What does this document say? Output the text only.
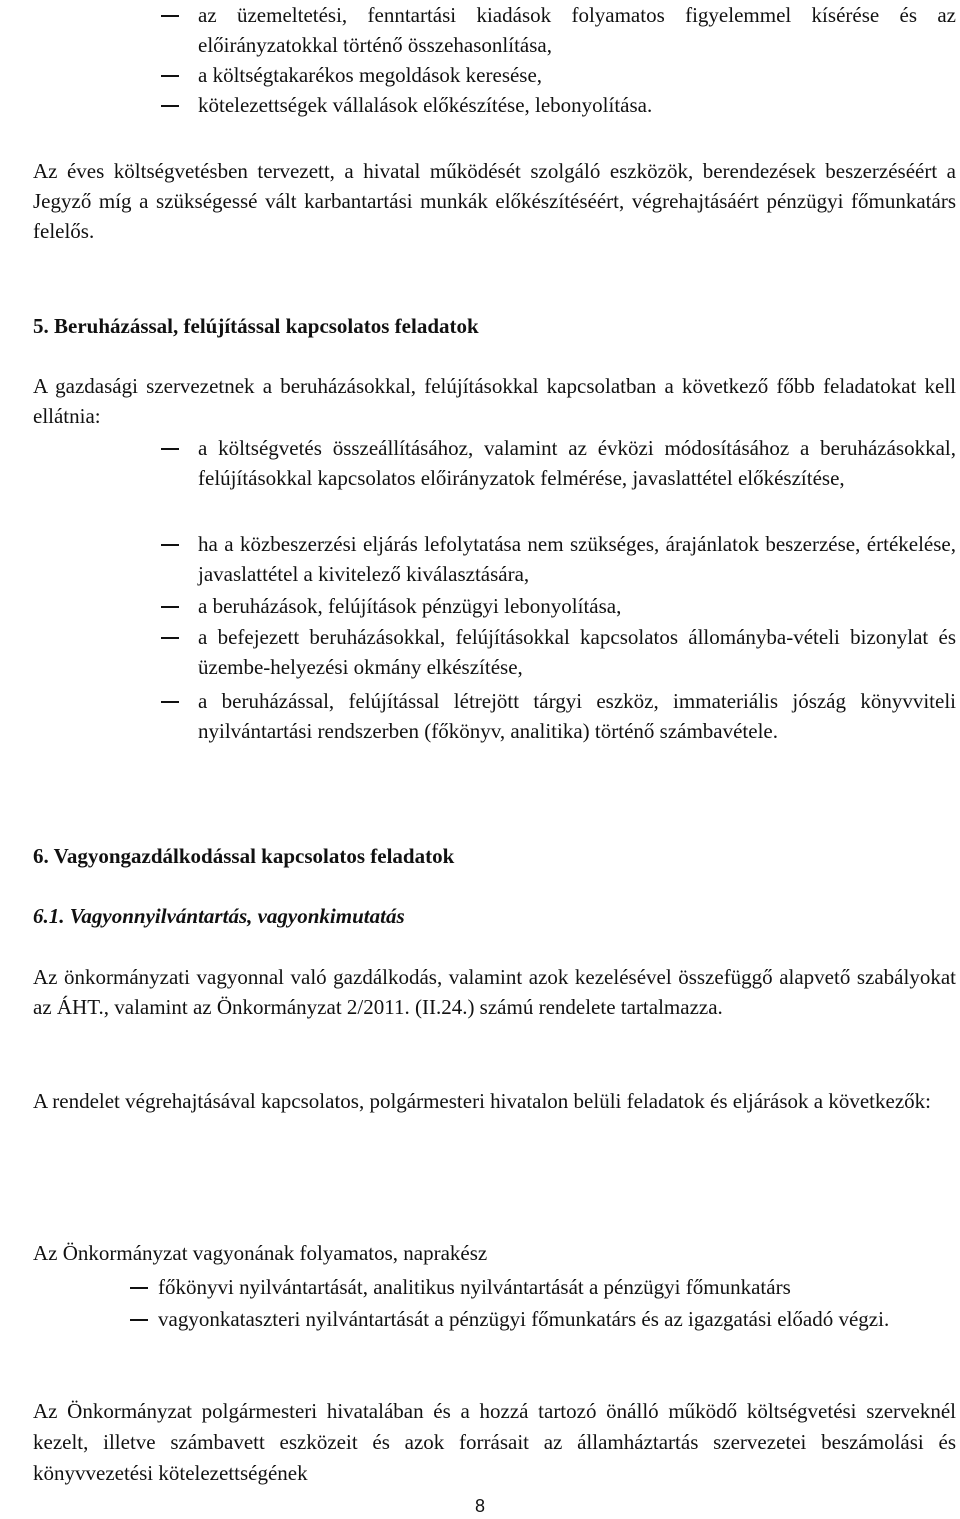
az üzemeltetési, fenntartási kiadások folyamatos figyelemmel kísérése és az előirányzatokkal történő összehasonlítása,
a költségtakarékos megoldások keresése,
kötelezettségek vállalások előkészítése, lebonyolítása.

Az éves költségvetésben tervezett, a hivatal működését szolgáló eszközök, berendezések beszerzéséért a Jegyző míg a szükségessé vált karbantartási munkák előkészítéséért, végrehajtásáért pénzügyi főmunkatárs felelős.

5. Beruházással, felújítással kapcsolatos feladatok

A gazdasági szervezetnek a beruházásokkal, felújításokkal kapcsolatban a következő főbb feladatokat kell ellátnia:

a költségvetés összeállításához, valamint az évközi módosításához a beruházásokkal, felújításokkal kapcsolatos előirányzatok felmérése, javaslattétel előkészítése,
ha a közbeszerzési eljárás lefolytatása nem szükséges, árajánlatok beszerzése, értékelése, javaslattétel a kivitelező kiválasztására,
a beruházások, felújítások pénzügyi lebonyolítása,
a befejezett beruházásokkal, felújításokkal kapcsolatos állományba-vételi bizonylat és üzembe-helyezési okmány elkészítése,
a beruházással, felújítással létrejött tárgyi eszköz, immateriális jószág könyvviteli nyilvántartási rendszerben (főkönyv, analitika) történő számbavétele.
6. Vagyongazdálkodással kapcsolatos feladatok
6.1. Vagyonnyilvántartás, vagyonkimutatás

Az önkormányzati vagyonnal való gazdálkodás, valamint azok kezelésével összefüggő alapvető szabályokat az ÁHT., valamint az Önkormányzat 2/2011. (II.24.) számú rendelete tartalmazza.

A rendelet végrehajtásával kapcsolatos, polgármesteri hivatalon belüli feladatok és eljárások a következők:

Az Önkormányzat vagyonának folyamatos, naprakész

főkönyvi nyilvántartását, analitikus nyilvántartását a pénzügyi főmunkatárs
vagyonkataszteri nyilvántartását a pénzügyi főmunkatárs és az igazgatási előadó végzi.

Az Önkormányzat polgármesteri hivatalában és a hozzá tartozó önálló működő költségvetési szerveknél kezelt, illetve számbavett eszközeit és azok forrásait az államháztartás szervezetei beszámolási és könyvvezetési kötelezettségének

8
